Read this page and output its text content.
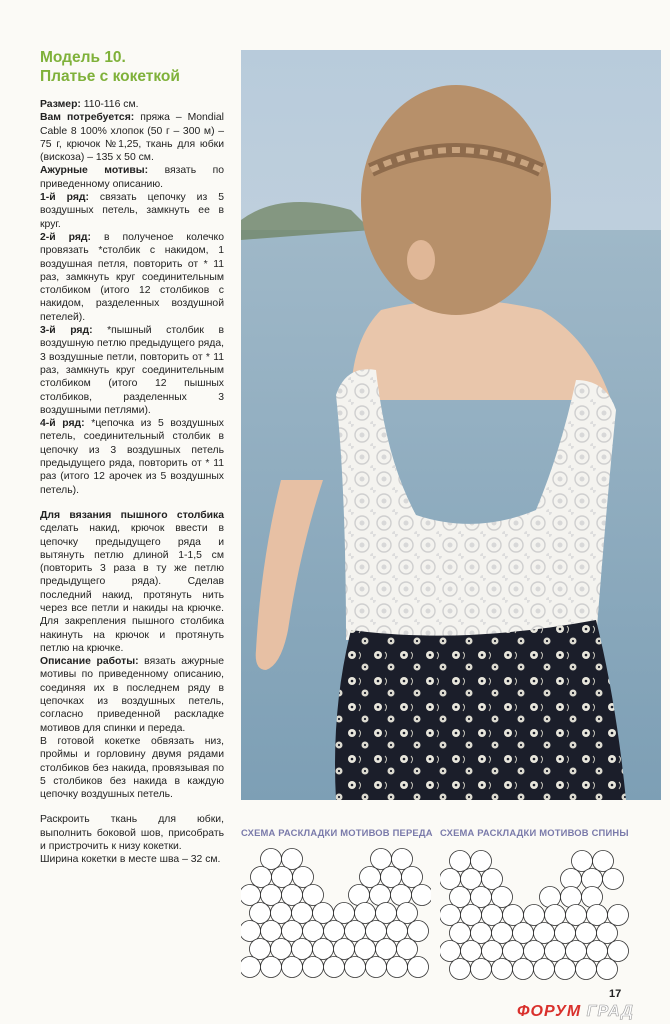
Модель 10.
Платье с кокеткой

Размер: 110-116 см.

Вам потребуется: пряжа – Mondial Cable 8 100% хлопок (50 г – 300 м) – 75 г, крючок №1,25, ткань для юбки (вискоза) – 135 х 50 см.

Ажурные мотивы: вязать по приведенному описанию.

1-й ряд: связать цепочку из 5 воздушных петель, замкнуть ее в круг.

2-й ряд: в полученое колечко провязать *столбик с накидом, 1 воздушная петля, повторить от * 11 раз, замкнуть круг соединительным столбиком (итого 12 столбиков с накидом, разделенных воздушной петелей).

3-й ряд: *пышный столбик в воздушную петлю предыдущего ряда, 3 воздушные петли, повторить от * 11 раз, замкнуть круг соединительным столбиком (итого 12 пышных столбиков, разделенных 3 воздушными петлями).

4-й ряд: *цепочка из 5 воздушных петель, соединительный столбик в цепочку из 3 воздушных петель предыдущего ряда, повторить от * 11 раз (итого 12 арочек из 5 воздушных петель).

Для вязания пышного столбика сделать накид, крючок ввести в цепочку предыдущего ряда и вытянуть петлю длиной 1-1,5 см (повторить 3 раза в ту же петлю предыдущего ряда). Сделав последний накид, протянуть нить через все петли и накиды на крючке. Для закрепления пышного столбика накинуть на крючок и протянуть петлю на крючке.

Описание работы: вязать ажурные мотивы по приведенному описанию, соединяя их в последнем ряду в цепочках из воздушных петель, согласно приведенной раскладке мотивов для спинки и переда.

В готовой кокетке обвязать низ, проймы и горловину двумя рядами столбиков без накида, провязывая по 5 столбиков без накида в каждую цепочку воздушных петель.

Раскроить ткань для юбки, выполнить боковой шов, присобрать и пристрочить к низу кокетки.

Ширина кокетки в месте шва – 32 см.

СХЕМА РАСКЛАДКИ МОТИВОВ ПЕРЕДА СХЕМА РАСКЛАДКИ МОТИВОВ СПИНЫ
17
ФОРУМ ГРАД
